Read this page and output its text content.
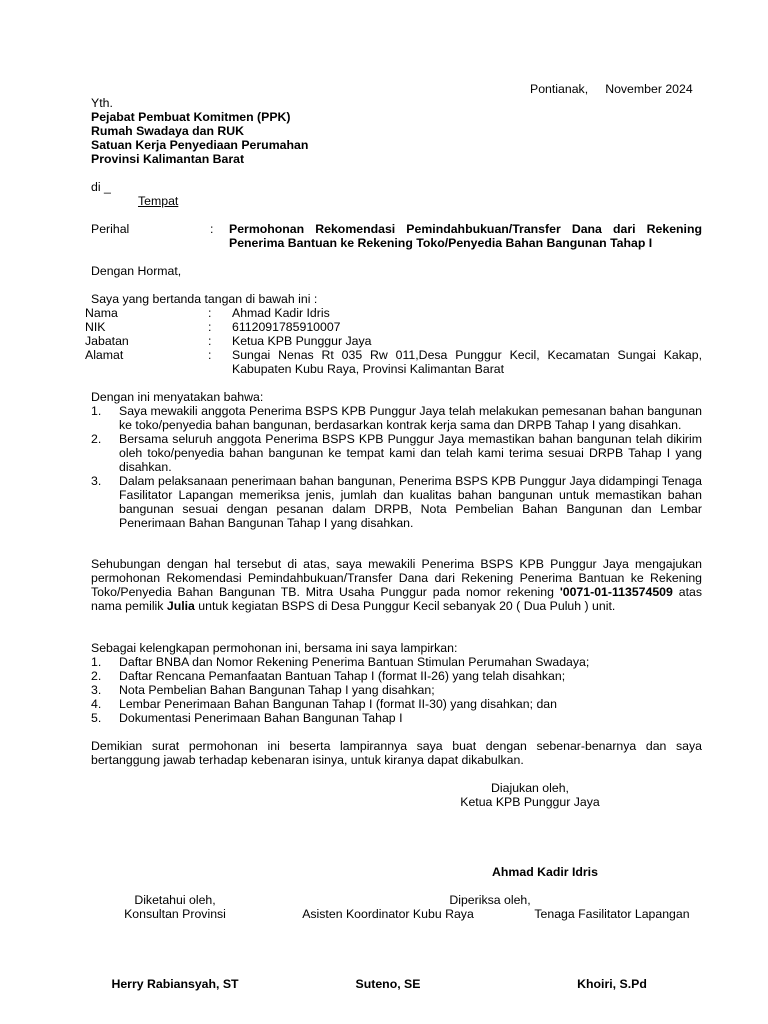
Pontianak,     November 2024
Yth.
Pejabat Pembuat Komitmen (PPK)
Rumah Swadaya dan RUK
Satuan Kerja Penyediaan Perumahan
Provinsi Kalimantan Barat
di _
Tempat
Perihal	: Permohonan Rekomendasi Pemindahbukuan/Transfer Dana dari Rekening Penerima Bantuan ke Rekening Toko/Penyedia Bahan Bangunan Tahap I
Dengan Hormat,
Saya yang bertanda tangan di bawah ini :
Nama	: Ahmad Kadir Idris
NIK	: 6112091785910007
Jabatan	: Ketua KPB Punggur Jaya
Alamat	: Sungai Nenas Rt 035 Rw 011,Desa Punggur Kecil, Kecamatan Sungai Kakap, Kabupaten Kubu Raya, Provinsi Kalimantan Barat
Dengan ini menyatakan bahwa:
1. Saya mewakili anggota Penerima BSPS KPB Punggur Jaya telah melakukan pemesanan bahan bangunan ke toko/penyedia bahan bangunan, berdasarkan kontrak kerja sama dan DRPB Tahap I yang disahkan.
2. Bersama seluruh anggota Penerima BSPS KPB Punggur Jaya memastikan bahan bangunan telah dikirim oleh toko/penyedia bahan bangunan ke tempat kami dan telah kami terima sesuai DRPB Tahap I yang disahkan.
3. Dalam pelaksanaan penerimaan bahan bangunan, Penerima BSPS KPB Punggur Jaya didampingi Tenaga Fasilitator Lapangan memeriksa jenis, jumlah dan kualitas bahan bangunan untuk memastikan bahan bangunan sesuai dengan pesanan dalam DRPB, Nota Pembelian Bahan Bangunan dan Lembar Penerimaan Bahan Bangunan Tahap I yang disahkan.
Sehubungan dengan hal tersebut di atas, saya mewakili Penerima BSPS KPB Punggur Jaya mengajukan permohonan Rekomendasi Pemindahbukuan/Transfer Dana dari Rekening Penerima Bantuan ke Rekening Toko/Penyedia Bahan Bangunan TB. Mitra Usaha Punggur pada nomor rekening '0071-01-113574509 atas nama pemilik Julia untuk kegiatan BSPS di Desa Punggur Kecil sebanyak 20 ( Dua Puluh ) unit.
Sebagai kelengkapan permohonan ini, bersama ini saya lampirkan:
1. Daftar BNBA dan Nomor Rekening Penerima Bantuan Stimulan Perumahan Swadaya;
2. Daftar Rencana Pemanfaatan Bantuan Tahap I (format II-26) yang telah disahkan;
3. Nota Pembelian Bahan Bangunan Tahap I yang disahkan;
4. Lembar Penerimaan Bahan Bangunan Tahap I (format II-30) yang disahkan; dan
5. Dokumentasi Penerimaan Bahan Bangunan Tahap I
Demikian surat permohonan ini beserta lampirannya saya buat dengan sebenar-benarnya dan saya bertanggung jawab terhadap kebenaran isinya, untuk kiranya dapat dikabulkan.
Diajukan oleh,
Ketua KPB Punggur Jaya
Ahmad Kadir Idris
Diketahui oleh,	Diperiksa oleh,
Konsultan Provinsi	Asisten Koordinator Kubu Raya	Tenaga Fasilitator Lapangan
Herry Rabiansyah, ST	Suteno, SE	Khoiri, S.Pd
